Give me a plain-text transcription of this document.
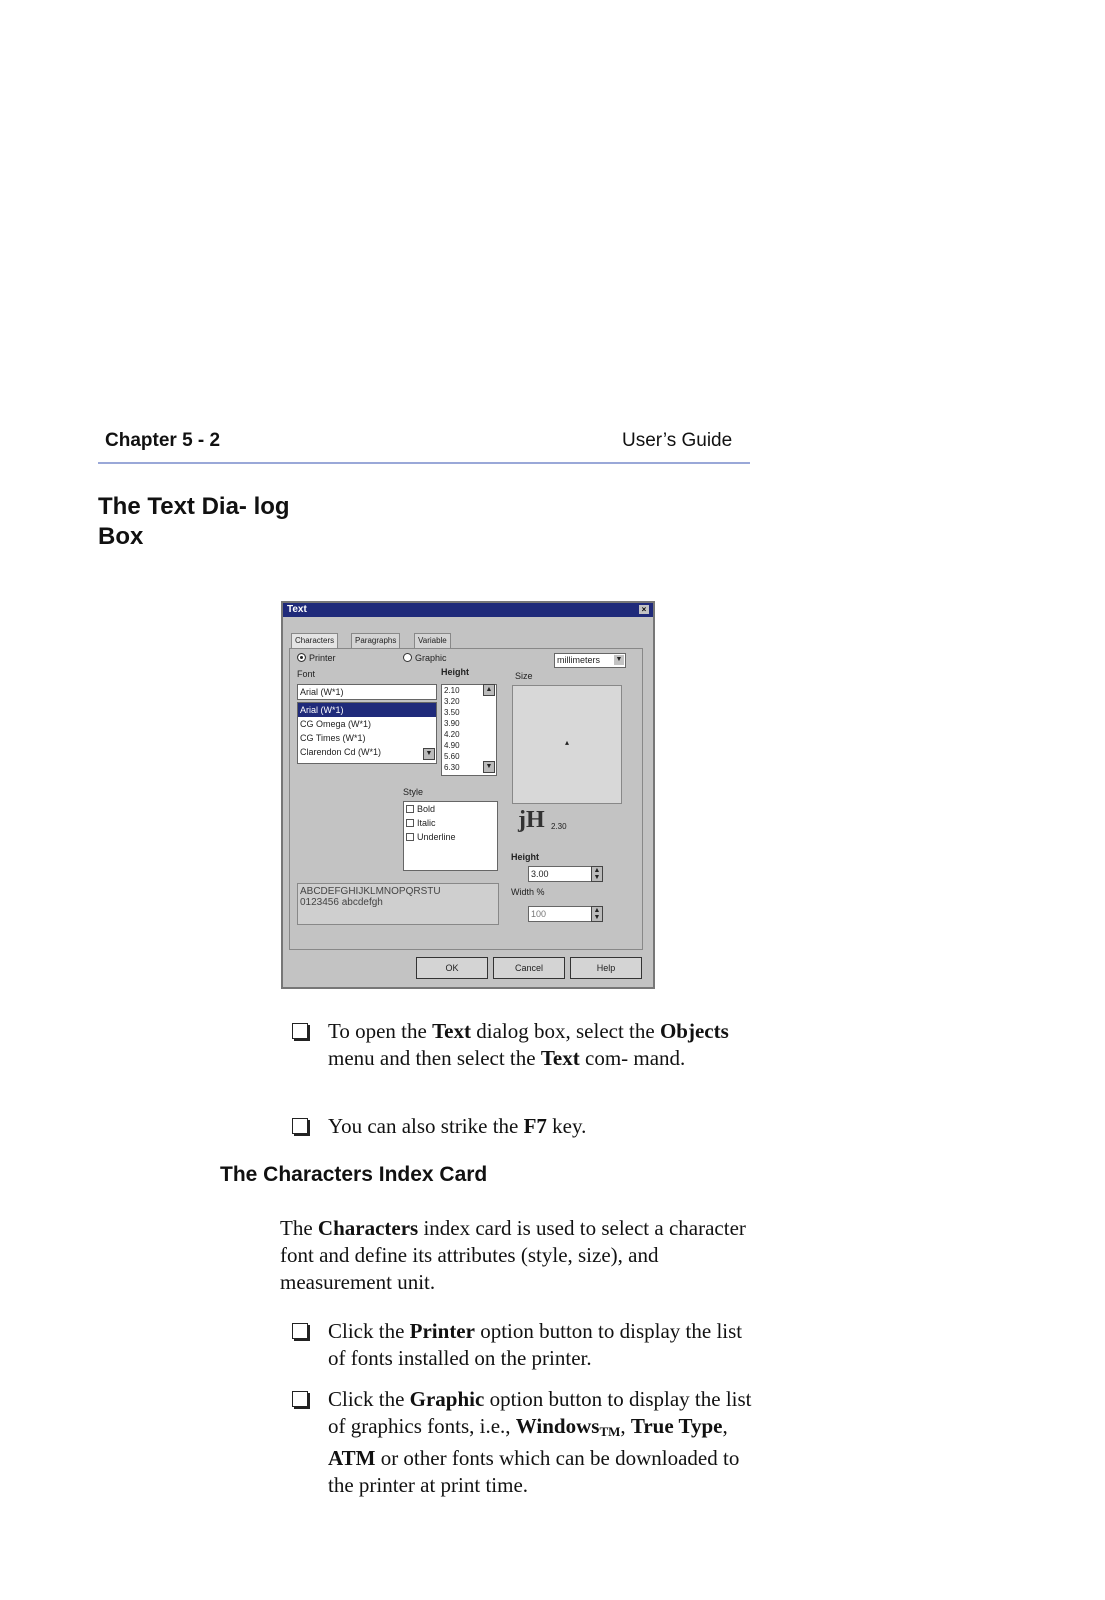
Chapter 5 - 2	User’s Guide
The Text Dia- log Box
Text	×
Characters	Paragraphs	Variable
Printer	Graphic	millimeters ▼
Font	Height	Size
Arial (W*1)
Arial (W*1)
CG Omega (W*1)
CG Times (W*1)
Clarendon Cd (W*1)	▼
2.10
3.20
3.50
3.90
4.20
4.90
5.60
6.30
▲
▼
▴
Style
Bold
Italic
Underline
jH 2.30
Height
3.00	▲
▼
Width %
100	▲
▼
ABCDEFGHIJKLMNOPQRSTU
0123456 abcdefgh
OK	Cancel	Help
To open the Text dialog box, select the Objects menu and then select the Text com- mand.
You can also strike the F7 key.
The Characters Index Card
The Characters index card is used to select a character font and define its attributes (style, size), and measurement unit.
Click the Printer option button to display the list of fonts installed on the printer.
Click the Graphic option button to display the list of graphics fonts, i.e., Windows$_{TM}$, True Type, ATM or other fonts which can be downloaded to the printer at print time.
